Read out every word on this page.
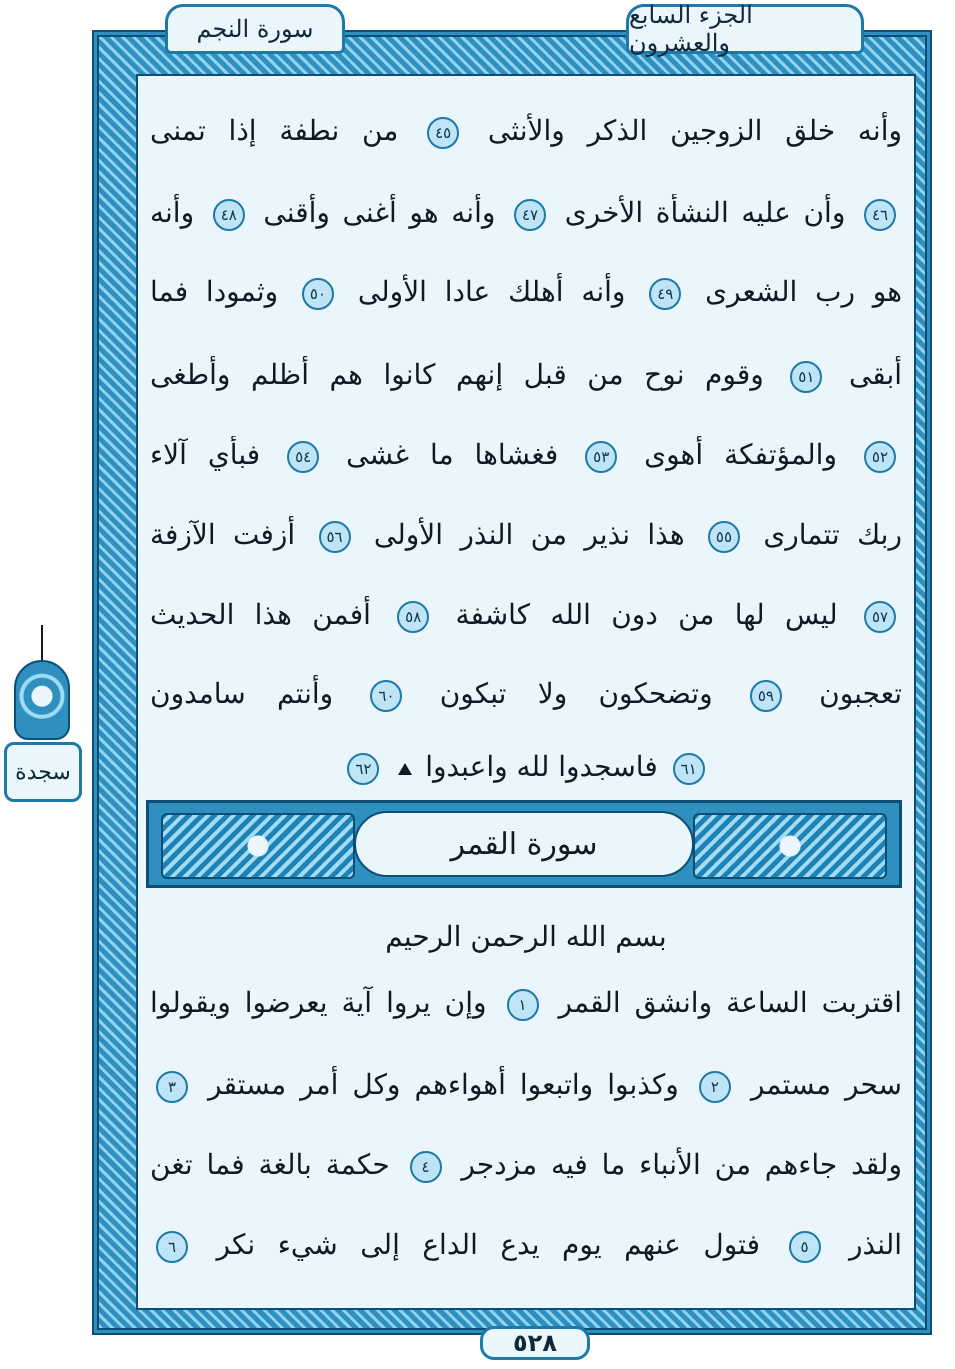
الجزء السابع والعشرون
سورة النجم
وأنه خلق الزوجين الذكر والأنثى ٤٥ من نطفة إذا تمنى
٤٦ وأن عليه النشأة الأخرى ٤٧ وأنه هو أغنى وأقنى ٤٨ وأنه
هو رب الشعرى ٤٩ وأنه أهلك عادا الأولى ٥٠ وثمودا فما
أبقى ٥١ وقوم نوح من قبل إنهم كانوا هم أظلم وأطغى
٥٢ والمؤتفكة أهوى ٥٣ فغشاها ما غشى ٥٤ فبأي آلاء
ربك تتمارى ٥٥ هذا نذير من النذر الأولى ٥٦ أزفت الآزفة
٥٧ ليس لها من دون الله كاشفة ٥٨ أفمن هذا الحديث
تعجبون ٥٩ وتضحكون ولا تبكون ٦٠ وأنتم سامدون
٦١ فاسجدوا لله واعبدوا  ٦٢
سورة القمر
بسم الله الرحمن الرحيم
اقتربت الساعة وانشق القمر ١ وإن يروا آية يعرضوا ويقولوا
سحر مستمر ٢ وكذبوا واتبعوا أهواءهم وكل أمر مستقر ٣
ولقد جاءهم من الأنباء ما فيه مزدجر ٤ حكمة بالغة فما تغن
النذر ٥ فتول عنهم يوم يدع الداع إلى شيء نكر ٦
٥٢٨
سجدة
